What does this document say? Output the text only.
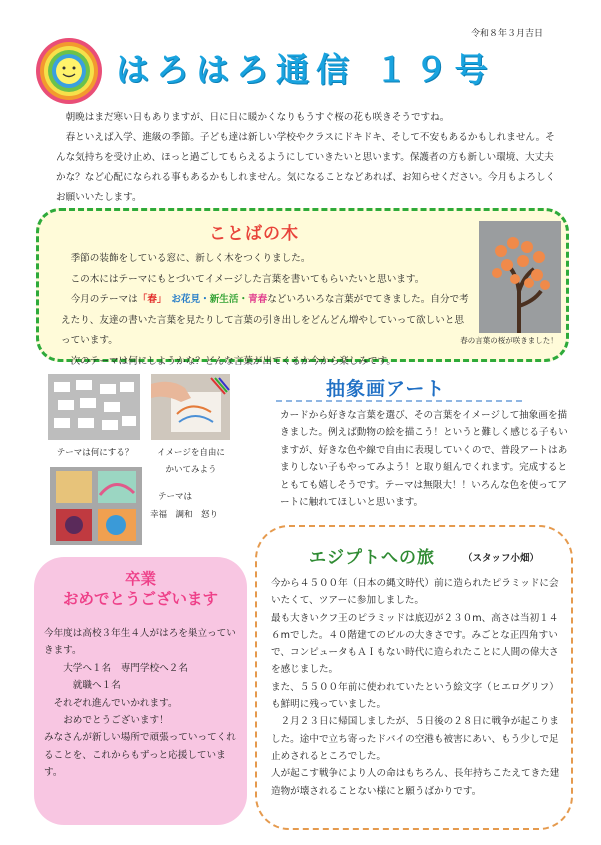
令和８年３月吉日
はろはろ通信 １９号

朝晩はまだ寒い日もありますが、日に日に暖かくなりもうすぐ桜の花も咲きそうですね。

春といえば入学、進級の季節。子ども達は新しい学校やクラスにドキドキ、そして不安もあるかもしれません。そんな気持ちを受け止め、ほっと過ごしてもらえるようにしていきたいと思います。保護者の方も新しい環境、大丈夫かな？など心配になられる事もあるかもしれません。気になることなどあれば、お知らせください。今月もよろしくお願いいたします。

ことばの木

季節の装飾をしている窓に、新しく木をつくりました。

この木にはテーマにもとづいてイメージした言葉を書いてもらいたいと思います。

今月のテーマは「春」　 お花見・新生活・青春などいろいろな言葉がでてきました。自分で考えたり、友達の書いた言葉を見たりして言葉の引き出しをどんどん増やしていって欲しいと思っています。

次のテーマは何にしようかな？どんな言葉が出てくるか今から楽しみです。

春の言葉の桜が咲きました！
テーマは何にする？	イメージを自由に
かいてみよう
テーマは
幸福　調和　怒り
抽象画アート
カードから好きな言葉を選び、その言葉をイメージして抽象画を描きました。例えば動物の絵を描こう！というと難しく感じる子もいますが、好きな色や線で自由に表現していくので、普段アートはあまりしない子もやってみよう！と取り組んでくれます。完成するとともても嬉しそうです。テーマは無限大！！いろんな色を使ってアートに触れてほしいと思います。
卒業
おめでとうございます

今年度は高校３年生４人がはろを巣立っていきます。

大学へ１名　専門学校へ２名

就職へ１名

それぞれ進んでいかれます。

おめでとうございます！

みなさんが新しい場所で頑張っていってくれることを、これからもずっと応援しています。

エジプトへの旅	（スタッフ小畑）

今から４５００年（日本の縄文時代）前に造られたピラミッドに会いたくて、ツアーに参加しました。

最も大きいクフ王のピラミッドは底辺が２３０m、高さは当初１４６mでした。４０階建てのビルの大きさです。みごとな正四角すいで、コンピュータもＡＩもない時代に造られたことに人間の偉大さを感じました。

また、５５００年前に使われていたという絵文字（ヒエログリフ）も鮮明に残っていました。

２月２３日に帰国しましたが、５日後の２８日に戦争が起こりました。途中で立ち寄ったドバイの空港も被害にあい、もう少しで足止めされるところでした。

人が起こす戦争により人の命はもちろん、長年持ちこたえてきた建造物が壊されることない様にと願うばかりです。
